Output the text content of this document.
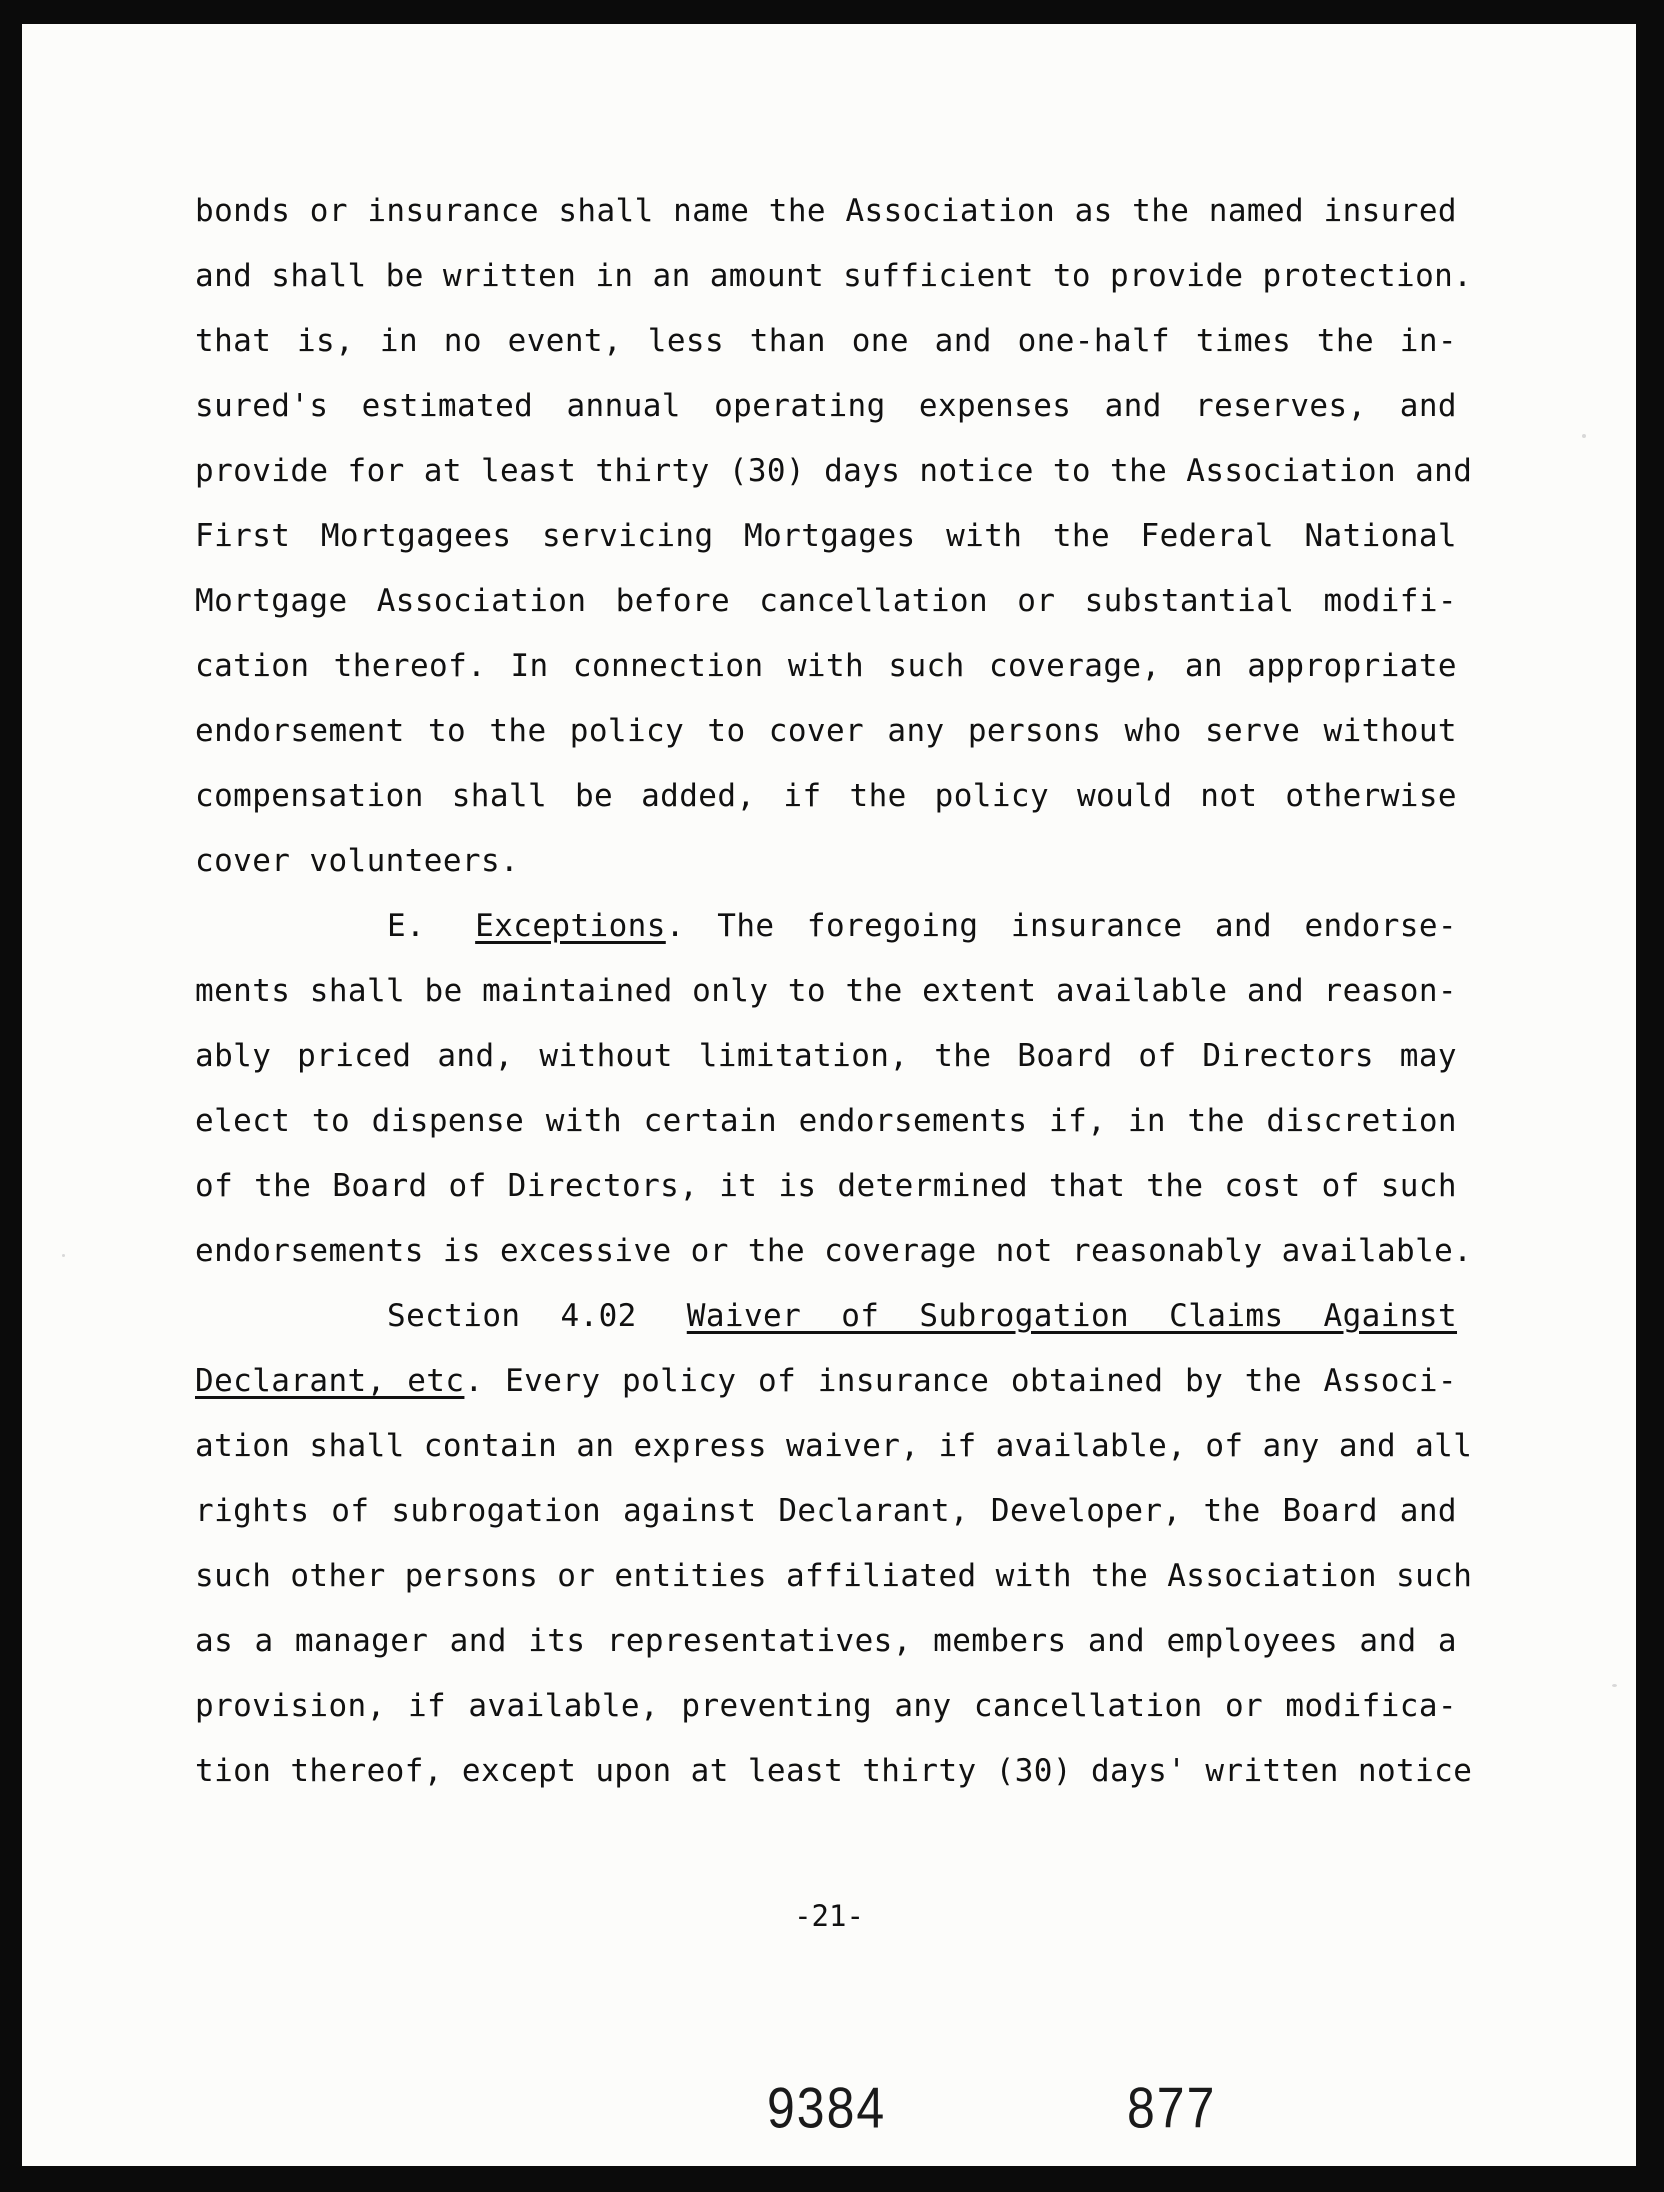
bonds or insurance shall name the Association as the named insured
and shall be written in an amount sufficient to provide protection.
that is, in no event, less than one and one-half times the in-
sured's estimated annual operating expenses and reserves, and
provide for at least thirty (30) days notice to the Association and
First Mortgagees servicing Mortgages with the Federal National
Mortgage Association before cancellation or substantial modifi-
cation thereof. In connection with such coverage, an appropriate
endorsement to the policy to cover any persons who serve without
compensation shall be added, if the policy would not otherwise
cover volunteers.
E. Exceptions. The foregoing insurance and endorse-
ments shall be maintained only to the extent available and reason-
ably priced and, without limitation, the Board of Directors may
elect to dispense with certain endorsements if, in the discretion
of the Board of Directors, it is determined that the cost of such
endorsements is excessive or the coverage not reasonably available.
Section 4.02 Waiver of Subrogation Claims Against
Declarant, etc. Every policy of insurance obtained by the Associ-
ation shall contain an express waiver, if available, of any and all
rights of subrogation against Declarant, Developer, the Board and
such other persons or entities affiliated with the Association such
as a manager and its representatives, members and employees and a
provision, if available, preventing any cancellation or modifica-
tion thereof, except upon at least thirty (30) days' written notice
-21-
9384	877
